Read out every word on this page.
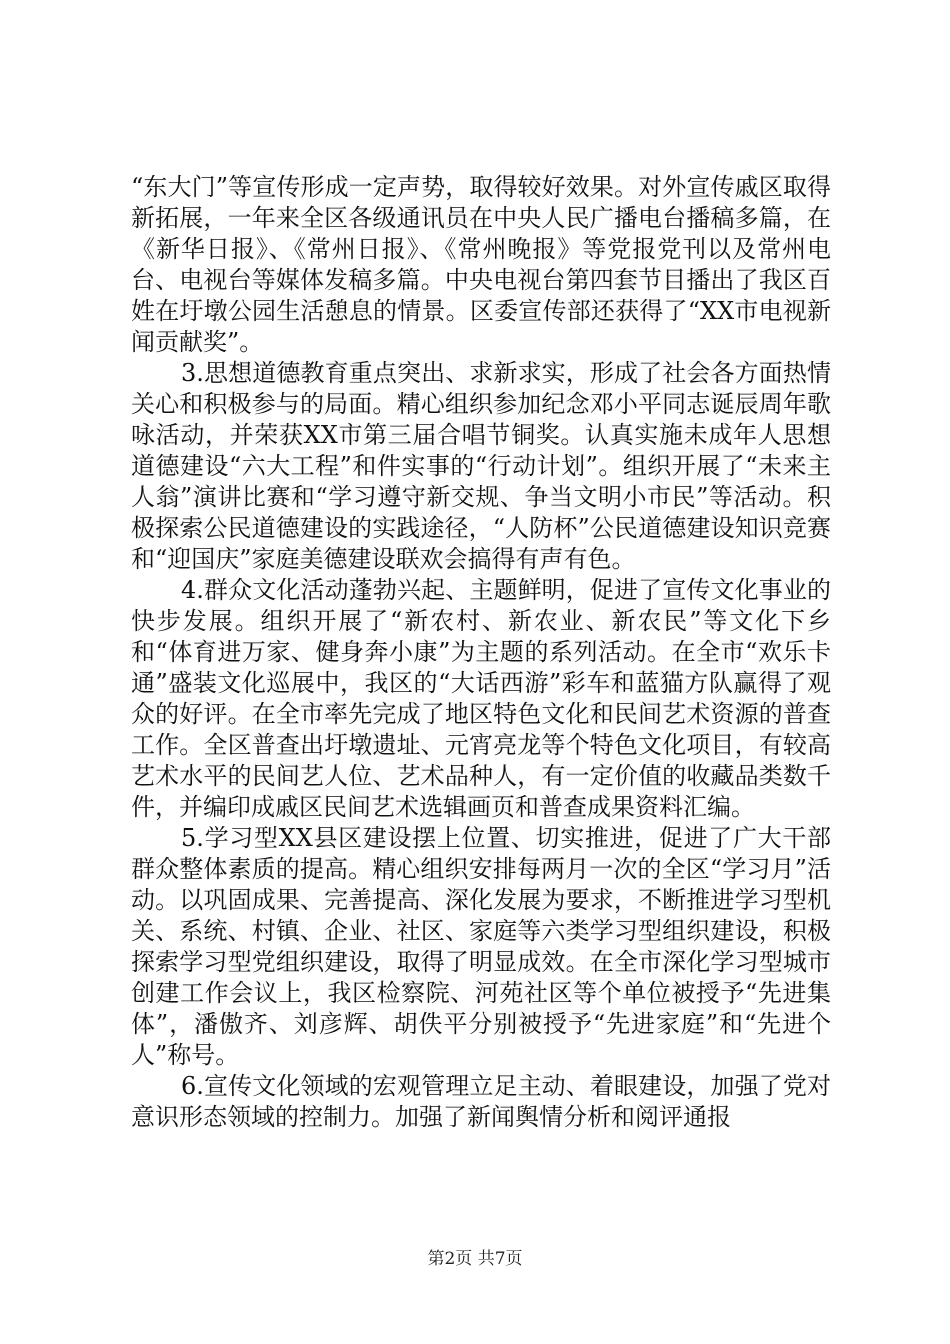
“东大门”等宣传形成一定声势，取得较好效果。对外宣传戚区取得新拓展，一年来全区各级通讯员在中央人民广播电台播稿多篇，在《新华日报》、《常州日报》、《常州晚报》等党报党刊以及常州电台、电视台等媒体发稿多篇。中央电视台第四套节目播出了我区百姓在圩墩公园生活憩息的情景。区委宣传部还获得了“XX市电视新闻贡献奖”。

3.思想道德教育重点突出、求新求实，形成了社会各方面热情关心和积极参与的局面。精心组织参加纪念邓小平同志诞辰周年歌咏活动，并荣获XX市第三届合唱节铜奖。认真实施未成年人思想道德建设“六大工程”和件实事的“行动计划”。组织开展了“未来主人翁”演讲比赛和“学习遵守新交规、争当文明小市民”等活动。积极探索公民道德建设的实践途径，“人防杯”公民道德建设知识竞赛和“迎国庆”家庭美德建设联欢会搞得有声有色。

4.群众文化活动蓬勃兴起、主题鲜明，促进了宣传文化事业的快步发展。组织开展了“新农村、新农业、新农民”等文化下乡和“体育进万家、健身奔小康”为主题的系列活动。在全市“欢乐卡通”盛装文化巡展中，我区的“大话西游”彩车和蓝猫方队赢得了观众的好评。在全市率先完成了地区特色文化和民间艺术资源的普查工作。全区普查出圩墩遗址、元宵亮龙等个特色文化项目，有较高艺术水平的民间艺人位、艺术品种人，有一定价值的收藏品类数千件，并编印成戚区民间艺术选辑画页和普查成果资料汇编。

5.学习型XX县区建设摆上位置、切实推进，促进了广大干部群众整体素质的提高。精心组织安排每两月一次的全区“学习月”活动。以巩固成果、完善提高、深化发展为要求，不断推进学习型机关、系统、村镇、企业、社区、家庭等六类学习型组织建设，积极探索学习型党组织建设，取得了明显成效。在全市深化学习型城市创建工作会议上，我区检察院、河苑社区等个单位被授予“先进集体”，潘傲齐、刘彦辉、胡佚平分别被授予“先进家庭”和“先进个人”称号。

6.宣传文化领域的宏观管理立足主动、着眼建设，加强了党对意识形态领域的控制力。加强了新闻舆情分析和阅评通报

第2页 共7页
